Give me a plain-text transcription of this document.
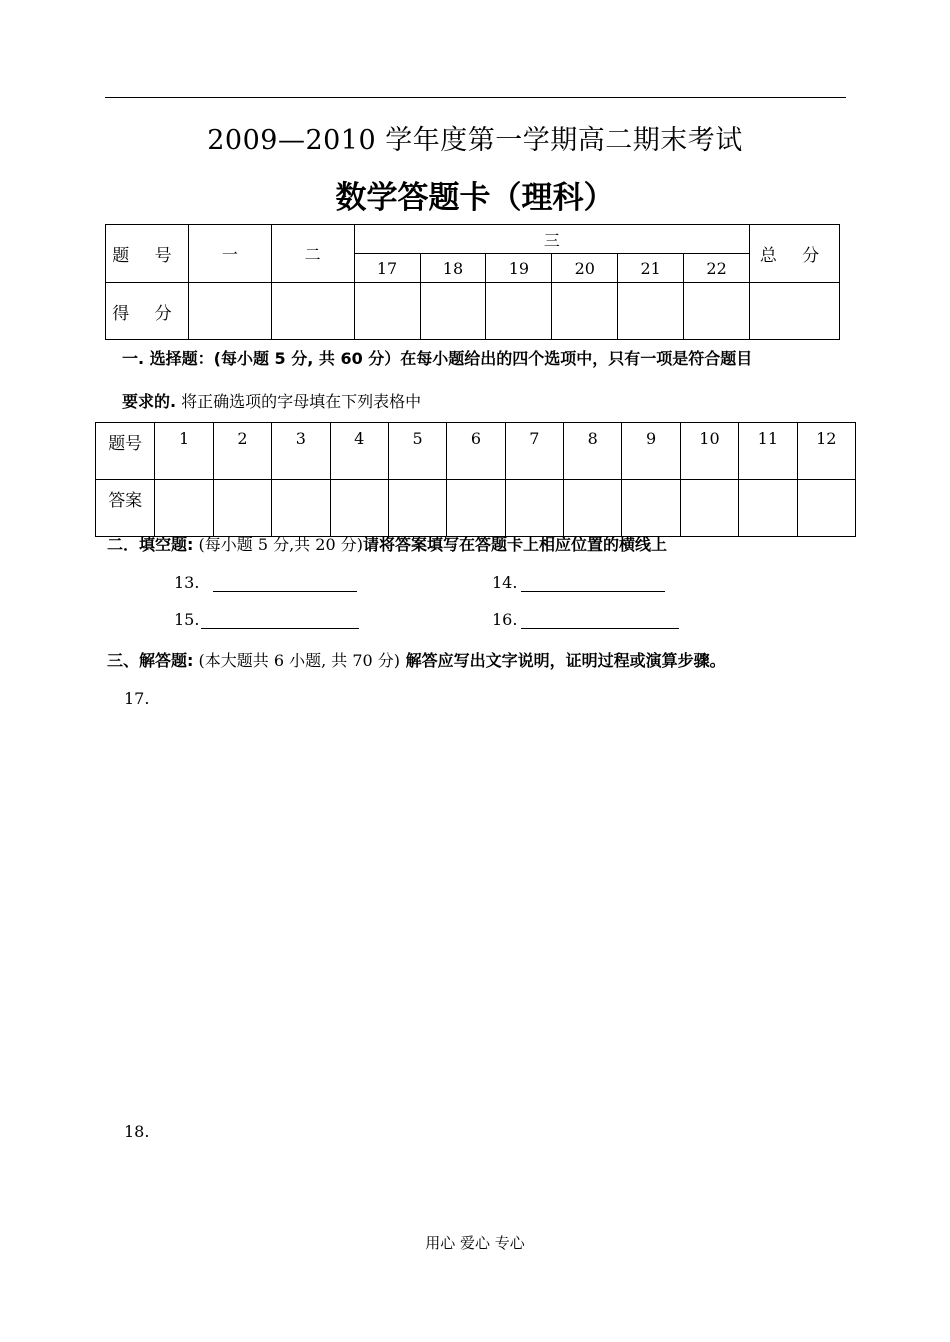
2009—2010 学年度第一学期高二期末考试
数学答题卡（理科）
题 号	一	二	三						总 分
			17	18	19	20	21	22	
得 分									
一. 选择题：(每小题 5 分, 共 60 分）在每小题给出的四个选项中，只有一项是符合题目
要求的. 将正确选项的字母填在下列表格中
题号	1	2	3	4	5	6	7	8	9	10	11	12
答案												
二．填空题: (每小题 5 分,共 20 分)请将答案填写在答题卡上相应位置的横线上
13.	14.
15.	16.
三、解答题: (本大题共 6 小题, 共 70 分) 解答应写出文字说明，证明过程或演算步骤。
17.
18.
用心 爱心 专心
